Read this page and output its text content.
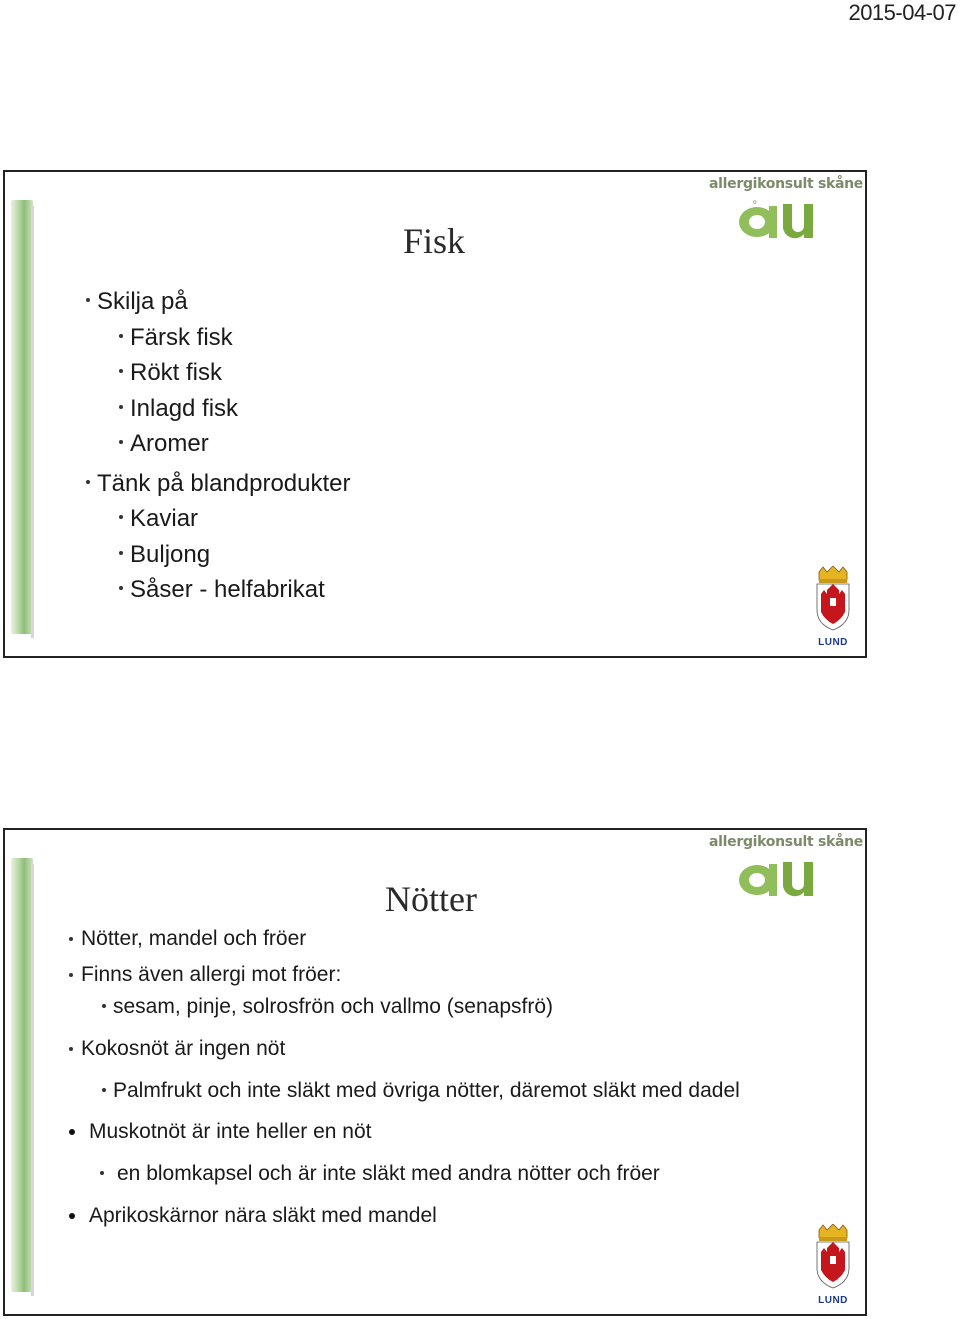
2015-04-07
allergikonsult skåne
o
Fisk
Skilja på
Färsk fisk
Rökt fisk
Inlagd fisk
Aromer
Tänk på blandprodukter
Kaviar
Buljong
Såser - helfabrikat
LUND
allergikonsult skåne
Nötter
Nötter, mandel och fröer
Finns även allergi mot fröer:
sesam, pinje, solrosfrön och vallmo (senapsfrö)
Kokosnöt är ingen nöt
Palmfrukt och inte släkt med övriga nötter, däremot släkt med dadel
Muskotnöt är inte heller en nöt
en blomkapsel och är inte släkt med andra nötter och fröer
Aprikoskärnor nära släkt med mandel
LUND
